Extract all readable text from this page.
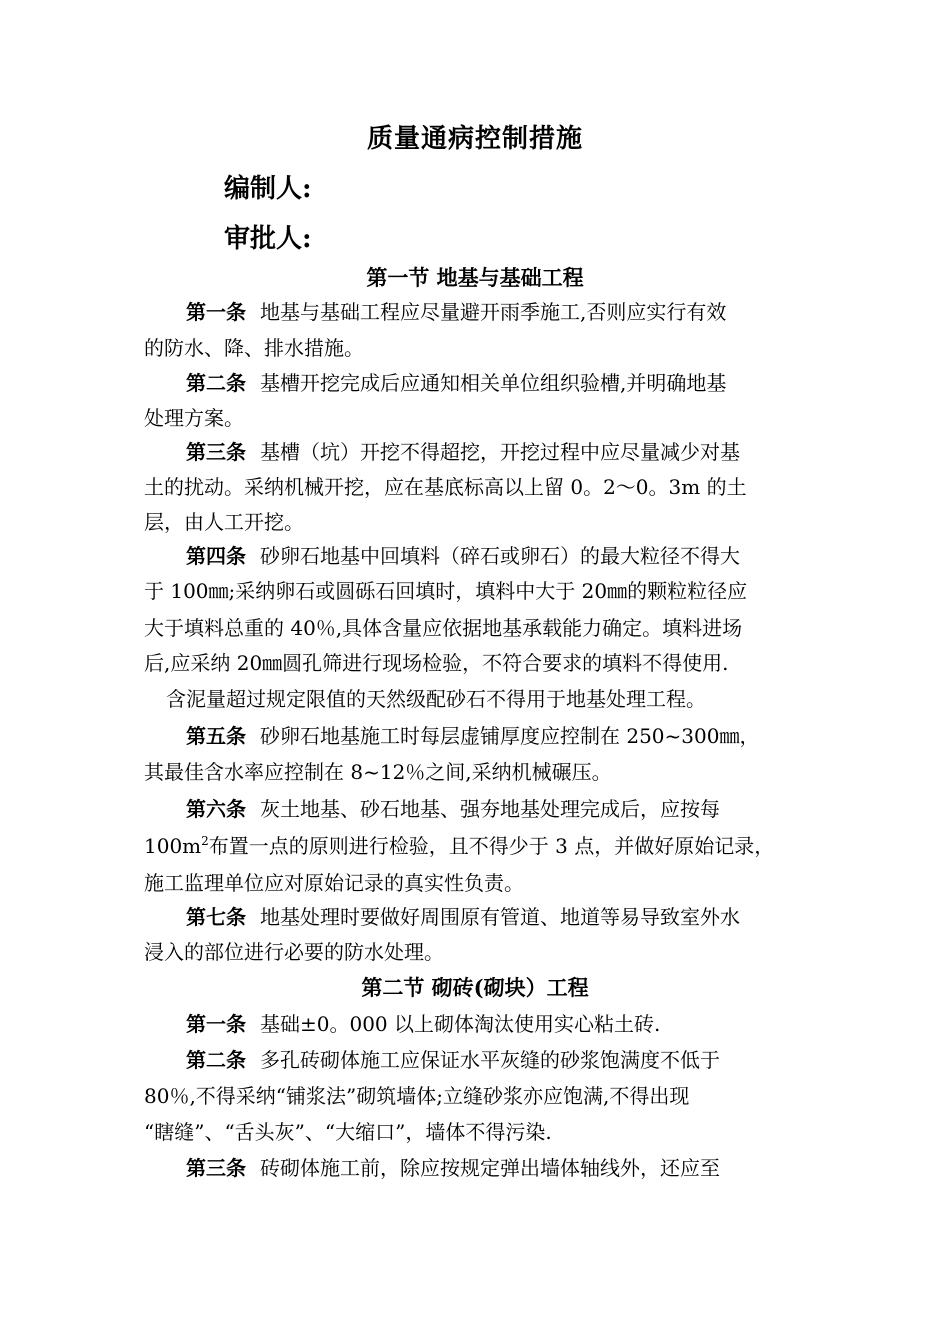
质量通病控制措施
编制人:
审批人:
第一节 地基与基础工程
第一条 地基与基础工程应尽量避开雨季施工,否则应实行有效
的防水、降、排水措施。
第二条 基槽开挖完成后应通知相关单位组织验槽,并明确地基
处理方案。
第三条 基槽（坑）开挖不得超挖，开挖过程中应尽量减少对基
土的扰动。采纳机械开挖，应在基底标高以上留 0。2～0。3m 的土
层，由人工开挖。
第四条 砂卵石地基中回填料（碎石或卵石）的最大粒径不得大
于 100㎜;采纳卵石或圆砾石回填时，填料中大于 20㎜的颗粒粒径应
大于填料总重的 40％,具体含量应依据地基承载能力确定。填料进场
后,应采纳 20㎜圆孔筛进行现场检验，不符合要求的填料不得使用.
含泥量超过规定限值的天然级配砂石不得用于地基处理工程。
第五条 砂卵石地基施工时每层虚铺厚度应控制在 250~300㎜，
其最佳含水率应控制在 8~12％之间,采纳机械碾压。
第六条 灰土地基、砂石地基、强夯地基处理完成后，应按每
$100m^2$布置一点的原则进行检验，且不得少于 3 点，并做好原始记录，
施工监理单位应对原始记录的真实性负责。
第七条 地基处理时要做好周围原有管道、地道等易导致室外水
浸入的部位进行必要的防水处理。
第二节 砌砖(砌块）工程
第一条 基础±0。000 以上砌体淘汰使用实心粘土砖.
第二条 多孔砖砌体施工应保证水平灰缝的砂浆饱满度不低于
80％,不得采纳“铺浆法”砌筑墙体;立缝砂浆亦应饱满,不得出现
“瞎缝”、“舌头灰”、“大缩口”，墙体不得污染.
第三条 砖砌体施工前，除应按规定弹出墙体轴线外，还应至
